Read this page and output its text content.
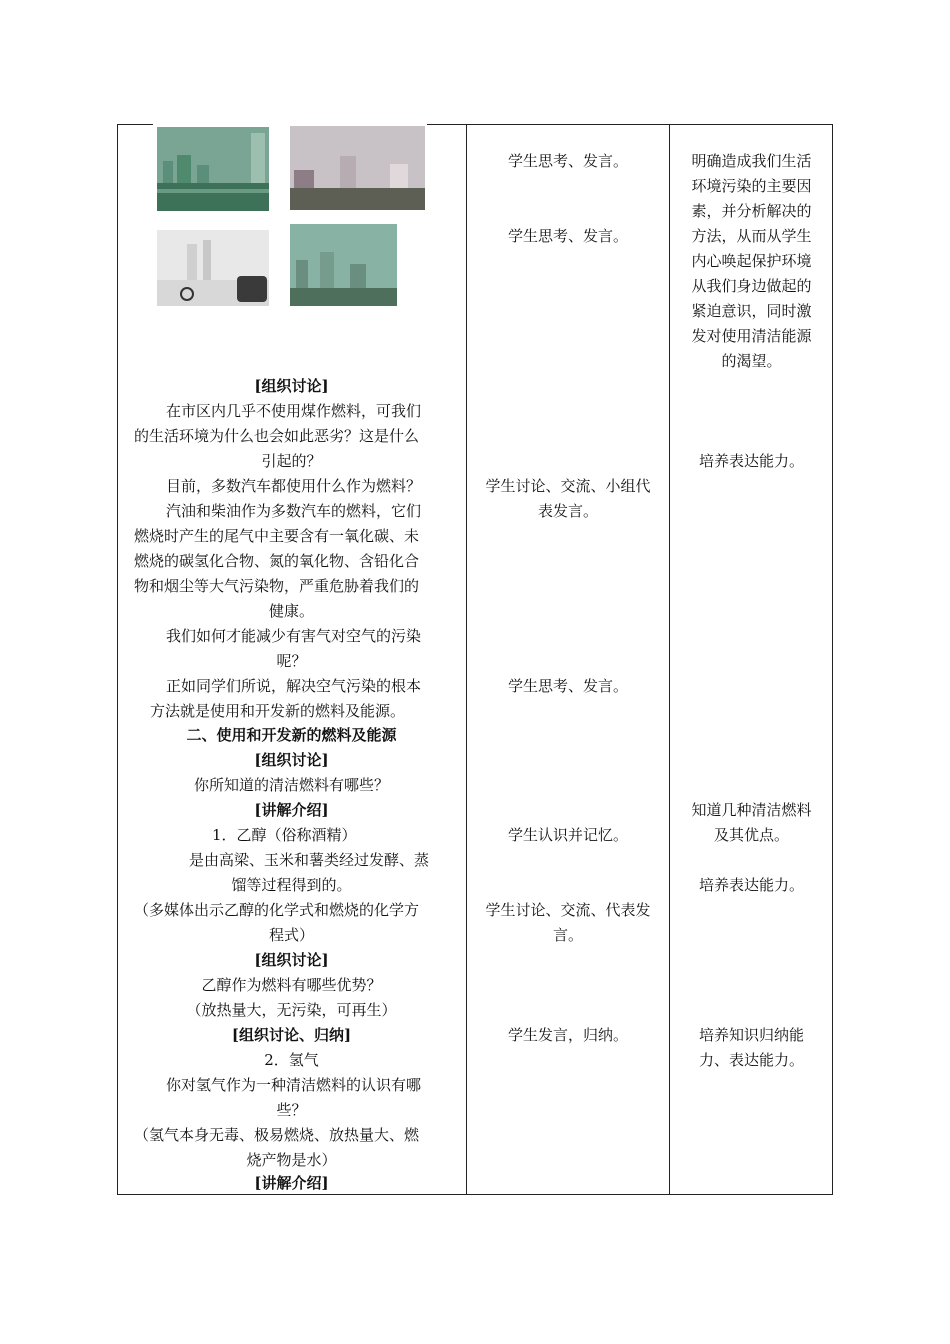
[组织讨论]
在市区内几乎不使用煤作燃料，可我们
的生活环境为什么也会如此恶劣？这是什么
引起的？
目前，多数汽车都使用什么作为燃料？
汽油和柴油作为多数汽车的燃料，它们
燃烧时产生的尾气中主要含有一氧化碳、未
燃烧的碳氢化合物、氮的氧化物、含铅化合
物和烟尘等大气污染物，严重危胁着我们的
健康。
我们如何才能减少有害气对空气的污染
呢？
正如同学们所说，解决空气污染的根本
方法就是使用和开发新的燃料及能源。
二、使用和开发新的燃料及能源
[组织讨论]
你所知道的清洁燃料有哪些？
[讲解介绍]
1．乙醇（俗称酒精）
是由高梁、玉米和薯类经过发酵、蒸
馏等过程得到的。
（多媒体出示乙醇的化学式和燃烧的化学方
程式）
[组织讨论]
乙醇作为燃料有哪些优势？
（放热量大，无污染，可再生）
[组织讨论、归纳]
2．氢气
你对氢气作为一种清洁燃料的认识有哪
些？
（氢气本身无毒、极易燃烧、放热量大、燃
烧产物是水）
[讲解介绍]
学生思考、发言。
学生思考、发言。
学生讨论、交流、小组代
表发言。
学生思考、发言。
学生认识并记忆。
学生讨论、交流、代表发
言。
学生发言，归纳。
明确造成我们生活
环境污染的主要因
素，并分析解决的
方法，从而从学生
内心唤起保护环境
从我们身边做起的
紧迫意识，同时激
发对使用清洁能源
的渴望。
培养表达能力。
知道几种清洁燃料
及其优点。
培养表达能力。
培养知识归纳能
力、表达能力。
